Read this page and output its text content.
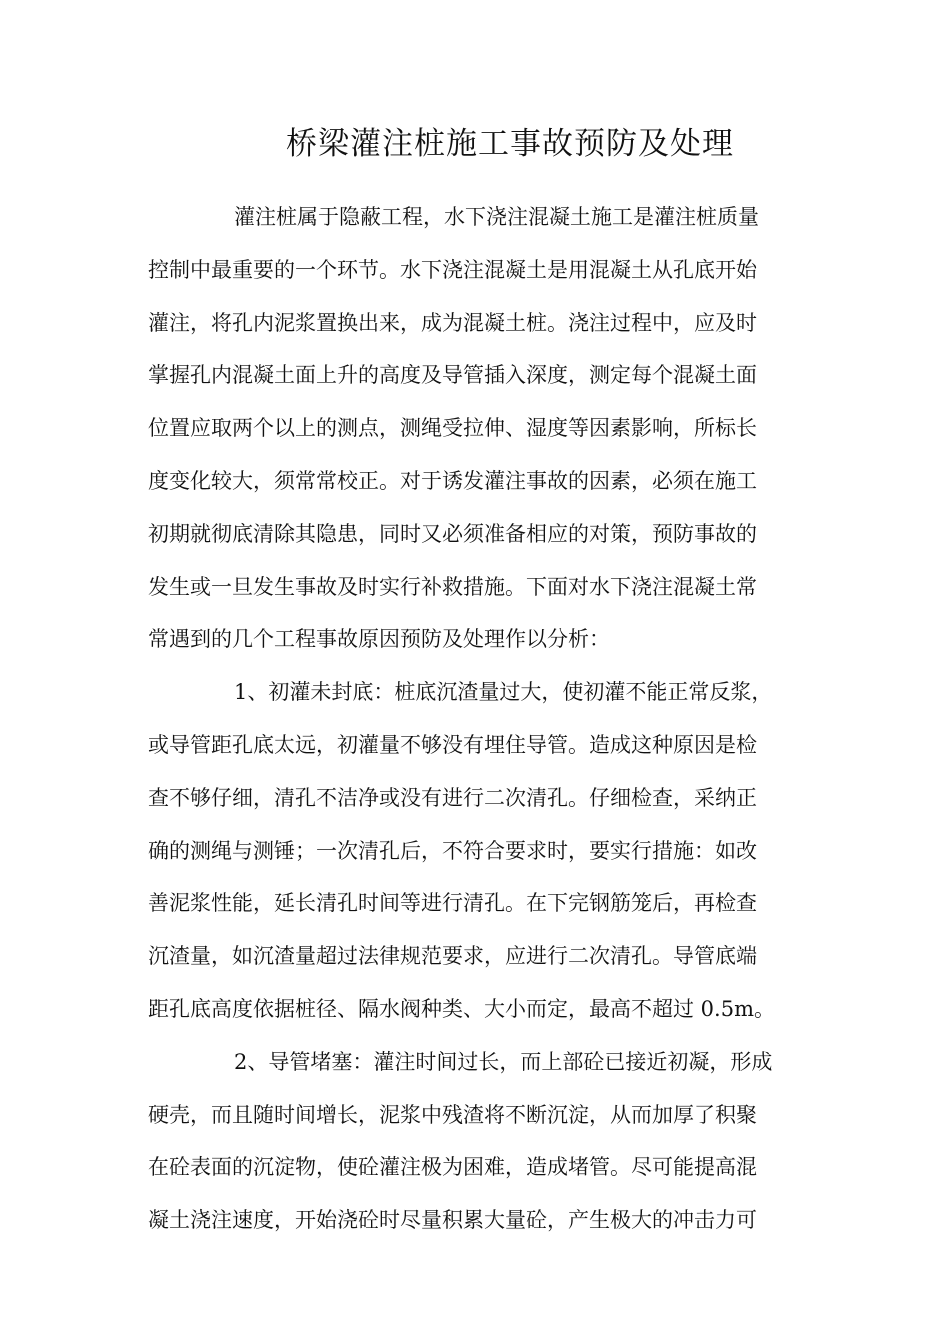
桥梁灌注桩施工事故预防及处理
灌注桩属于隐蔽工程，水下浇注混凝土施工是灌注桩质量
控制中最重要的一个环节。水下浇注混凝土是用混凝土从孔底开始
灌注，将孔内泥浆置换出来，成为混凝土桩。浇注过程中，应及时
掌握孔内混凝土面上升的高度及导管插入深度，测定每个混凝土面
位置应取两个以上的测点，测绳受拉伸、湿度等因素影响，所标长
度变化较大，须常常校正。对于诱发灌注事故的因素，必须在施工
初期就彻底清除其隐患，同时又必须准备相应的对策，预防事故的
发生或一旦发生事故及时实行补救措施。下面对水下浇注混凝土常
常遇到的几个工程事故原因预防及处理作以分析：
1、初灌未封底：桩底沉渣量过大，使初灌不能正常反浆，
或导管距孔底太远，初灌量不够没有埋住导管。造成这种原因是检
查不够仔细，清孔不洁净或没有进行二次清孔。仔细检查，采纳正
确的测绳与测锤；一次清孔后，不符合要求时，要实行措施：如改
善泥浆性能，延长清孔时间等进行清孔。在下完钢筋笼后，再检查
沉渣量，如沉渣量超过法律规范要求，应进行二次清孔。导管底端
距孔底高度依据桩径、隔水阀种类、大小而定，最高不超过 0.5m。
2、导管堵塞：灌注时间过长，而上部砼已接近初凝，形成
硬壳，而且随时间增长，泥浆中残渣将不断沉淀，从而加厚了积聚
在砼表面的沉淀物，使砼灌注极为困难，造成堵管。尽可能提高混
凝土浇注速度，开始浇砼时尽量积累大量砼，产生极大的冲击力可
